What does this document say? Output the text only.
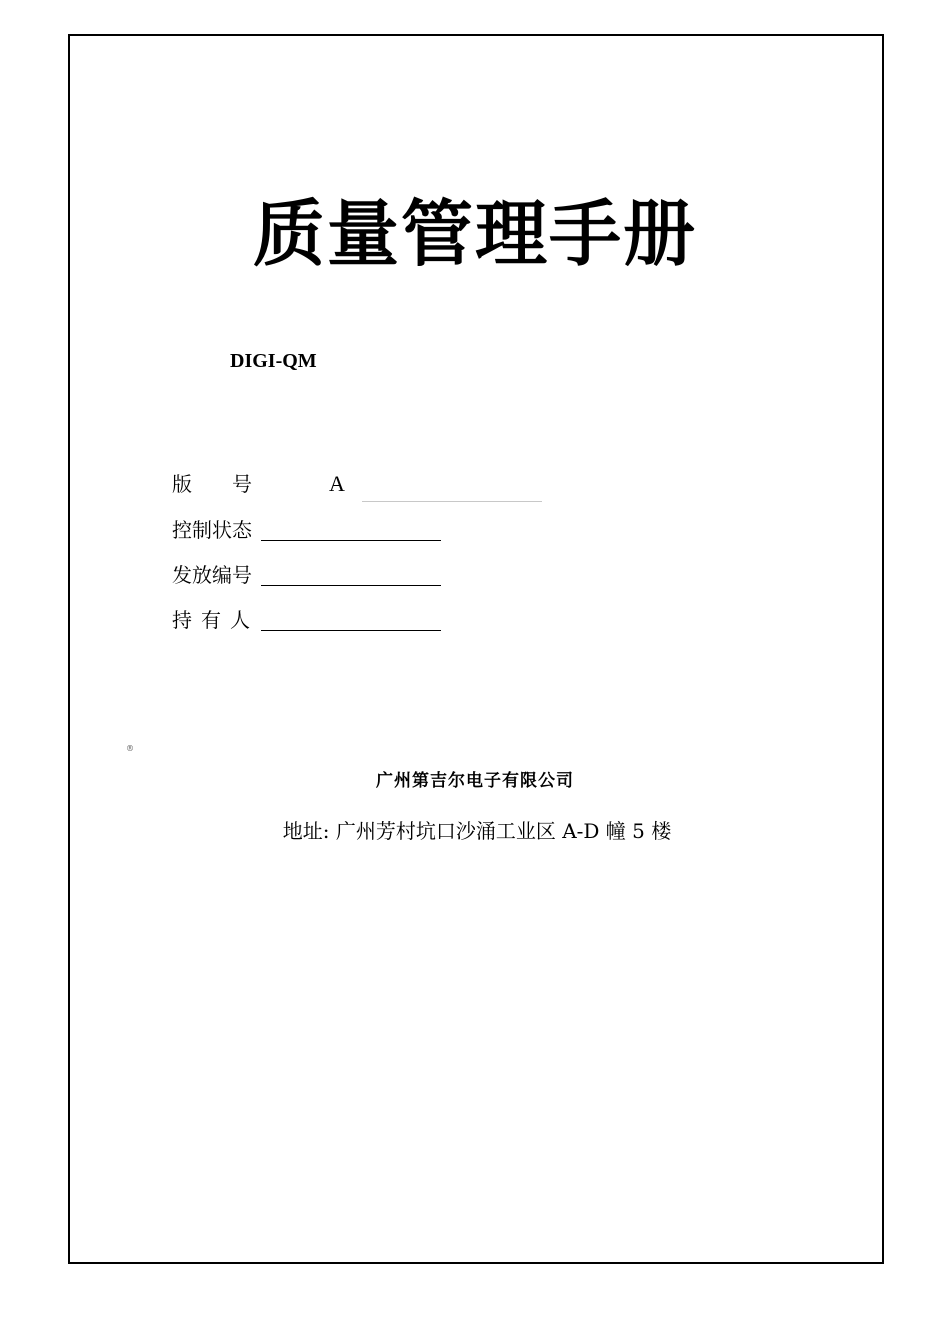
质量管理手册
DIGI-QM
版号 A
控制状态
发放编号
持有人
®
广州第吉尔电子有限公司
地址: 广州芳村坑口沙涌工业区 A-D 幢 5 楼
